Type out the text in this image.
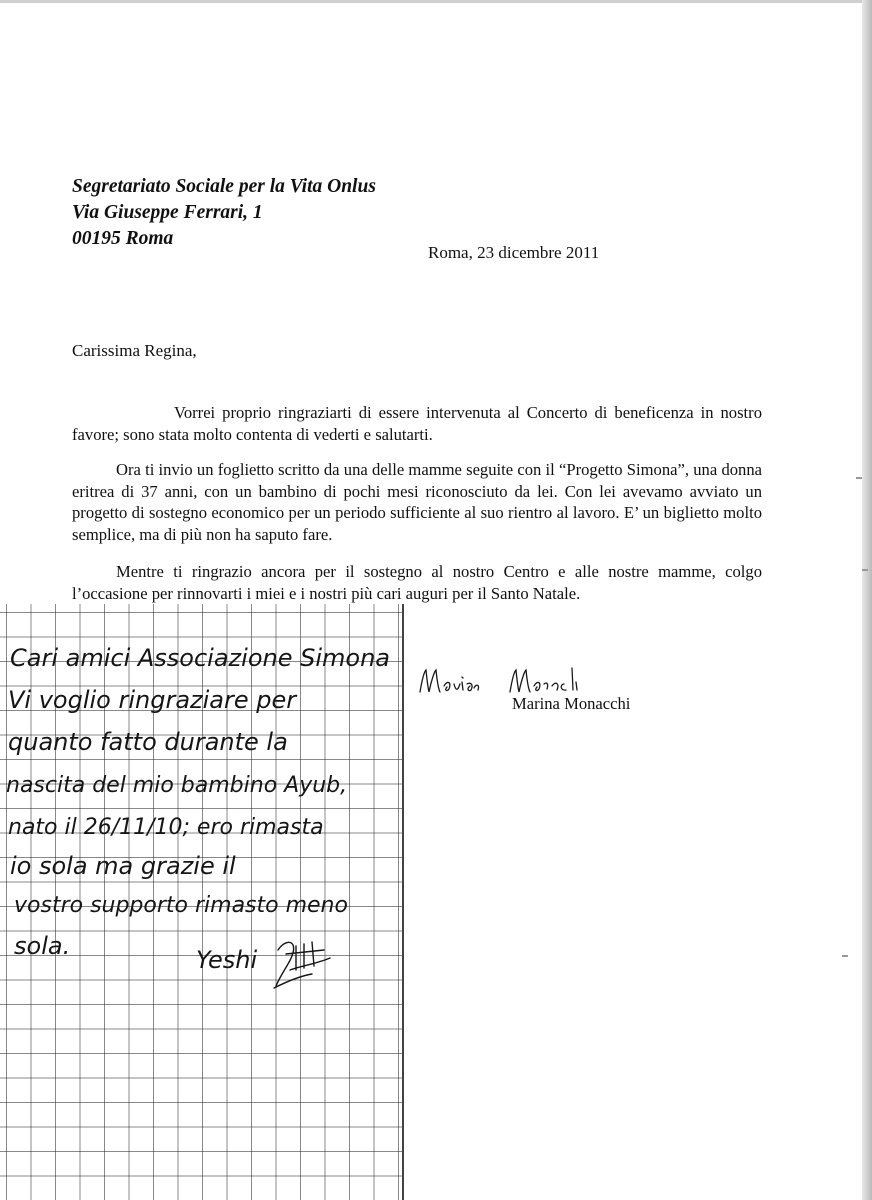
Segretariato Sociale per la Vita Onlus
Via Giuseppe Ferrari, 1
00195 Roma
Roma, 23 dicembre 2011
Carissima Regina,
Vorrei proprio ringraziarti di essere intervenuta al Concerto di beneficenza in nostro favore; sono stata molto contenta di vederti e salutarti.
Ora ti invio un foglietto scritto da una delle mamme seguite con il “Progetto Simona”, una donna eritrea di 37 anni, con un bambino di pochi mesi riconosciuto da lei. Con lei avevamo avviato un progetto di sostegno economico per un periodo sufficiente al suo rientro al lavoro. E’ un biglietto molto semplice, ma di più non ha saputo fare.
Mentre ti ringrazio ancora per il sostegno al nostro Centro e alle nostre mamme, colgo l’occasione per rinnovarti i miei e i nostri più cari auguri per il Santo Natale.
Marina Monacchi
Cari amici Associazione Simona
Vi voglio ringraziare per
quanto fatto durante la
nascita del mio bambino Ayub,
nato il 26/11/10; ero rimasta
io sola ma grazie il
vostro supporto rimasto meno
sola.	Yeshi
